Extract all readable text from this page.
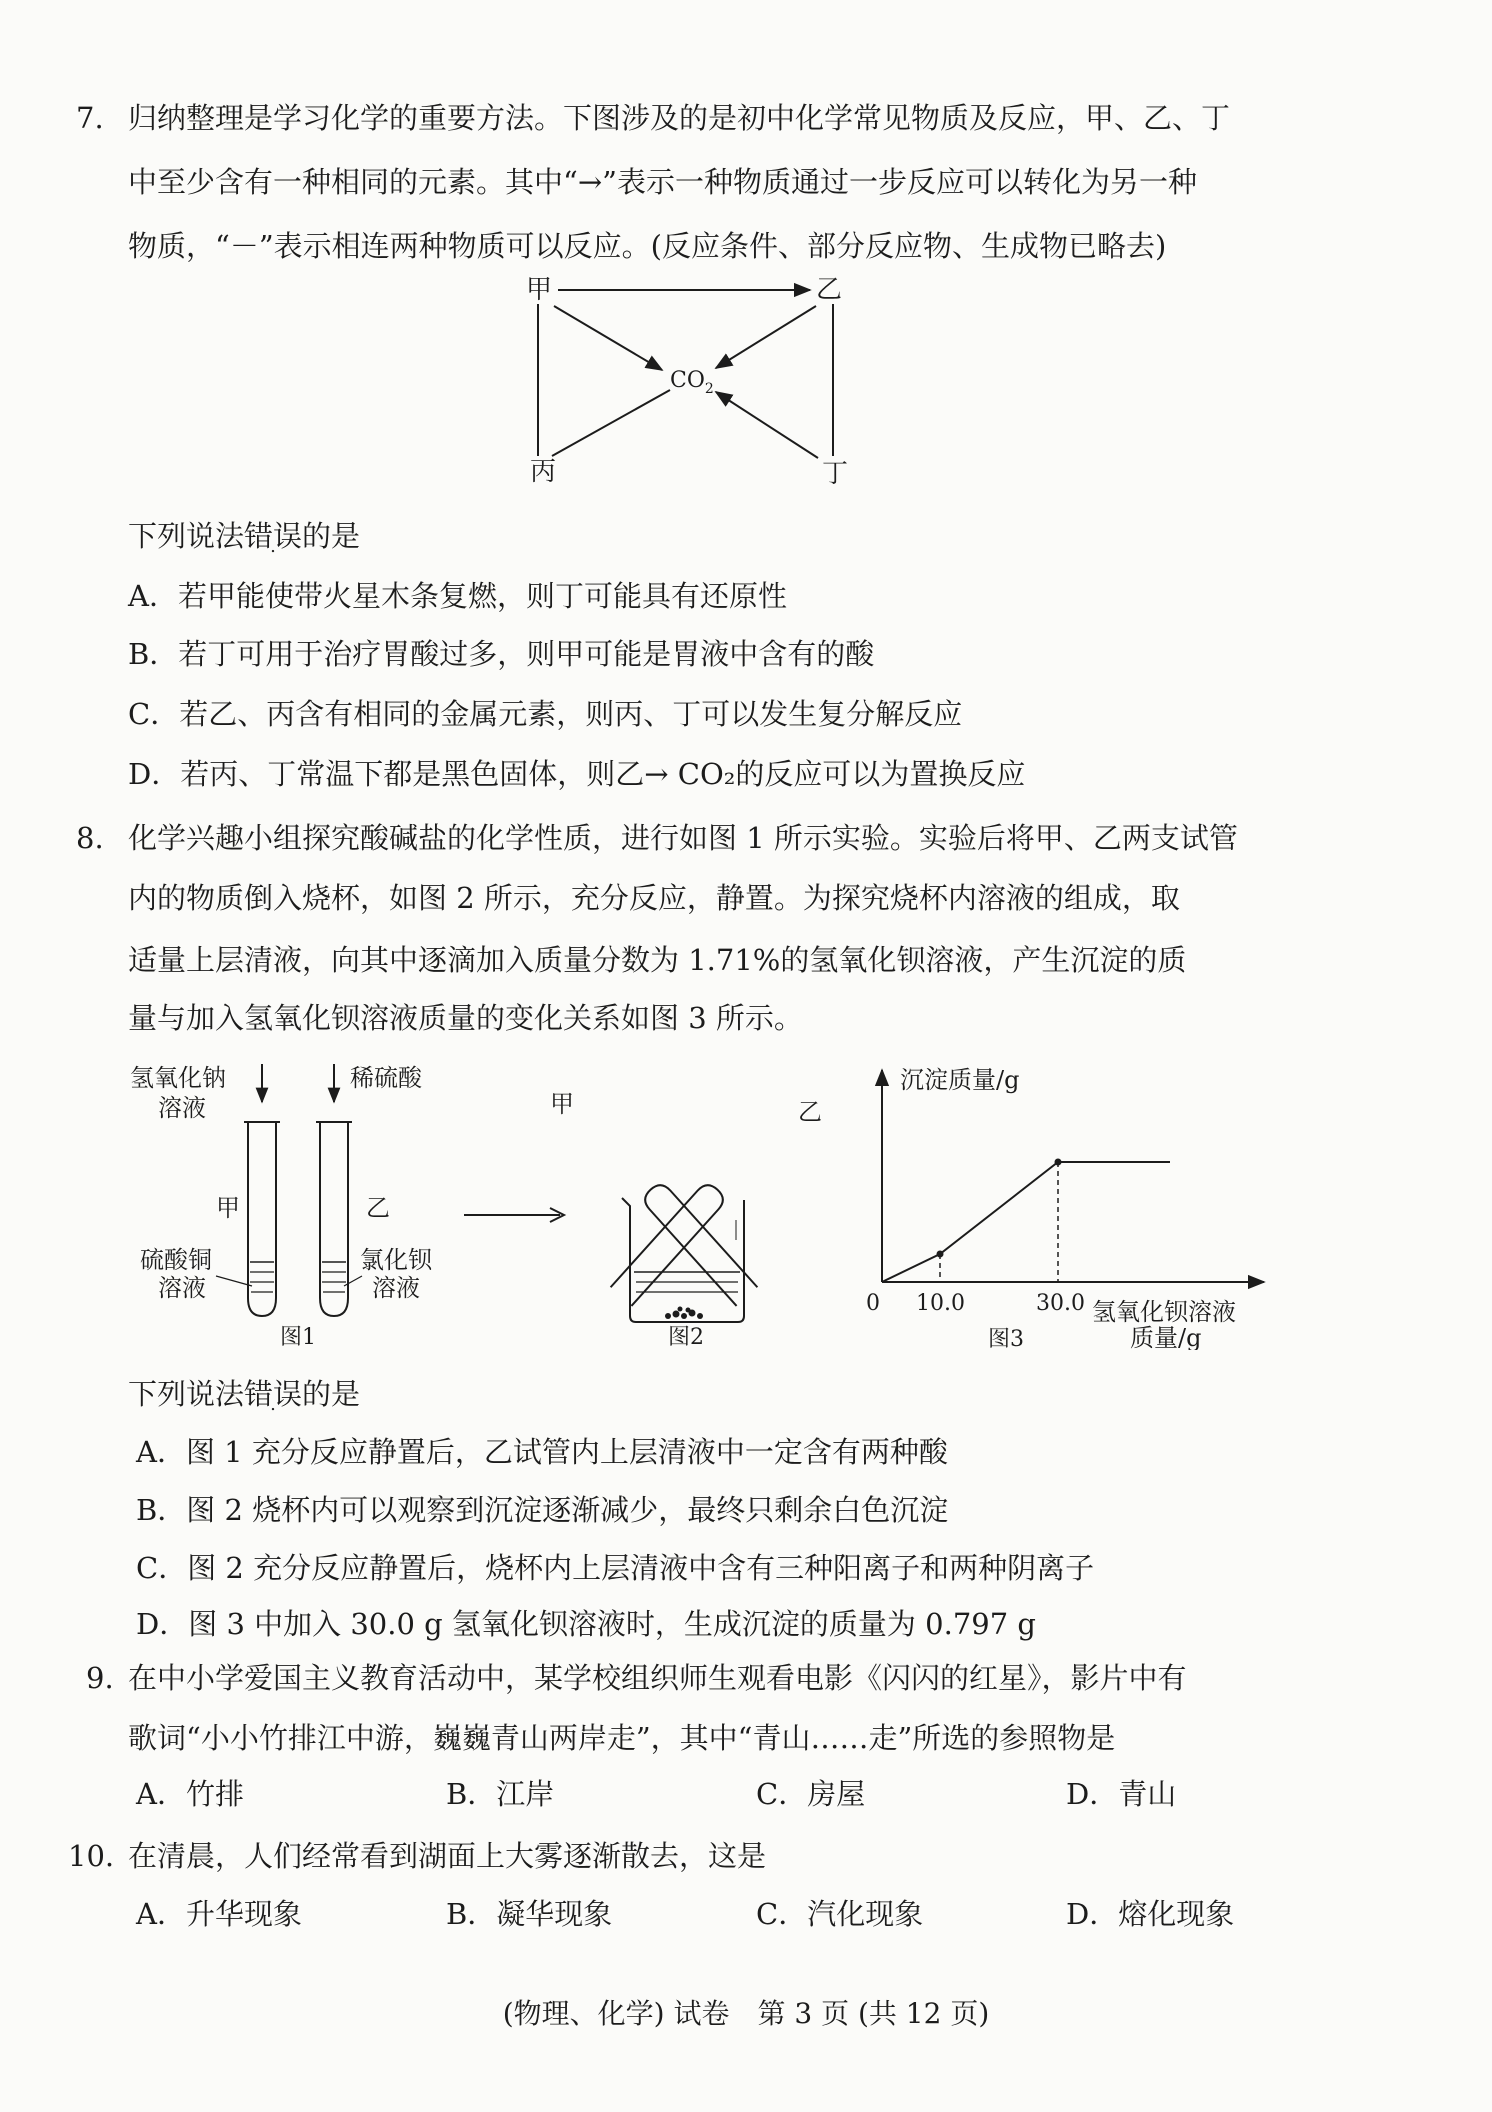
7. 归纳整理是学习化学的重要方法。下图涉及的是初中化学常见物质及反应，甲、乙、丁
中至少含有一种相同的元素。其中“→”表示一种物质通过一步反应可以转化为另一种
物质，“－”表示相连两种物质可以反应。(反应条件、部分反应物、生成物已略去)
甲	乙
丙	丁
$CO_2$
下列说法错误的是
A．若甲能使带火星木条复燃，则丁可能具有还原性
B．若丁可用于治疗胃酸过多，则甲可能是胃液中含有的酸
C．若乙、丙含有相同的金属元素，则丙、丁可以发生复分解反应
D．若丙、丁常温下都是黑色固体，则乙→ CO₂的反应可以为置换反应
8. 化学兴趣小组探究酸碱盐的化学性质，进行如图 1 所示实验。实验后将甲、乙两支试管
内的物质倒入烧杯，如图 2 所示，充分反应，静置。为探究烧杯内溶液的组成，取
适量上层清液，向其中逐滴加入质量分数为 1.71%的氢氧化钡溶液，产生沉淀的质
量与加入氢氧化钡溶液质量的变化关系如图 3 所示。
氢氧化钠
溶液
稀硫酸
甲	乙
硫酸铜
溶液
氯化钡
溶液
图1
甲	乙
图2
沉淀质量/g
0 10.0	30.0 氢氧化钡溶液
质量/g
图3
下列说法错误的是
A．图 1 充分反应静置后，乙试管内上层清液中一定含有两种酸
B．图 2 烧杯内可以观察到沉淀逐渐减少，最终只剩余白色沉淀
C．图 2 充分反应静置后，烧杯内上层清液中含有三种阳离子和两种阴离子
D．图 3 中加入 30.0 g 氢氧化钡溶液时，生成沉淀的质量为 0.797 g
9. 在中小学爱国主义教育活动中，某学校组织师生观看电影《闪闪的红星》，影片中有
歌词“小小竹排江中游，巍巍青山两岸走”，其中“青山……走”所选的参照物是
A．竹排	B．江岸	C．房屋	D．青山
10. 在清晨，人们经常看到湖面上大雾逐渐散去，这是
A．升华现象	B．凝华现象	C．汽化现象	D．熔化现象
(物理、化学) 试卷　第 3 页 (共 12 页)
